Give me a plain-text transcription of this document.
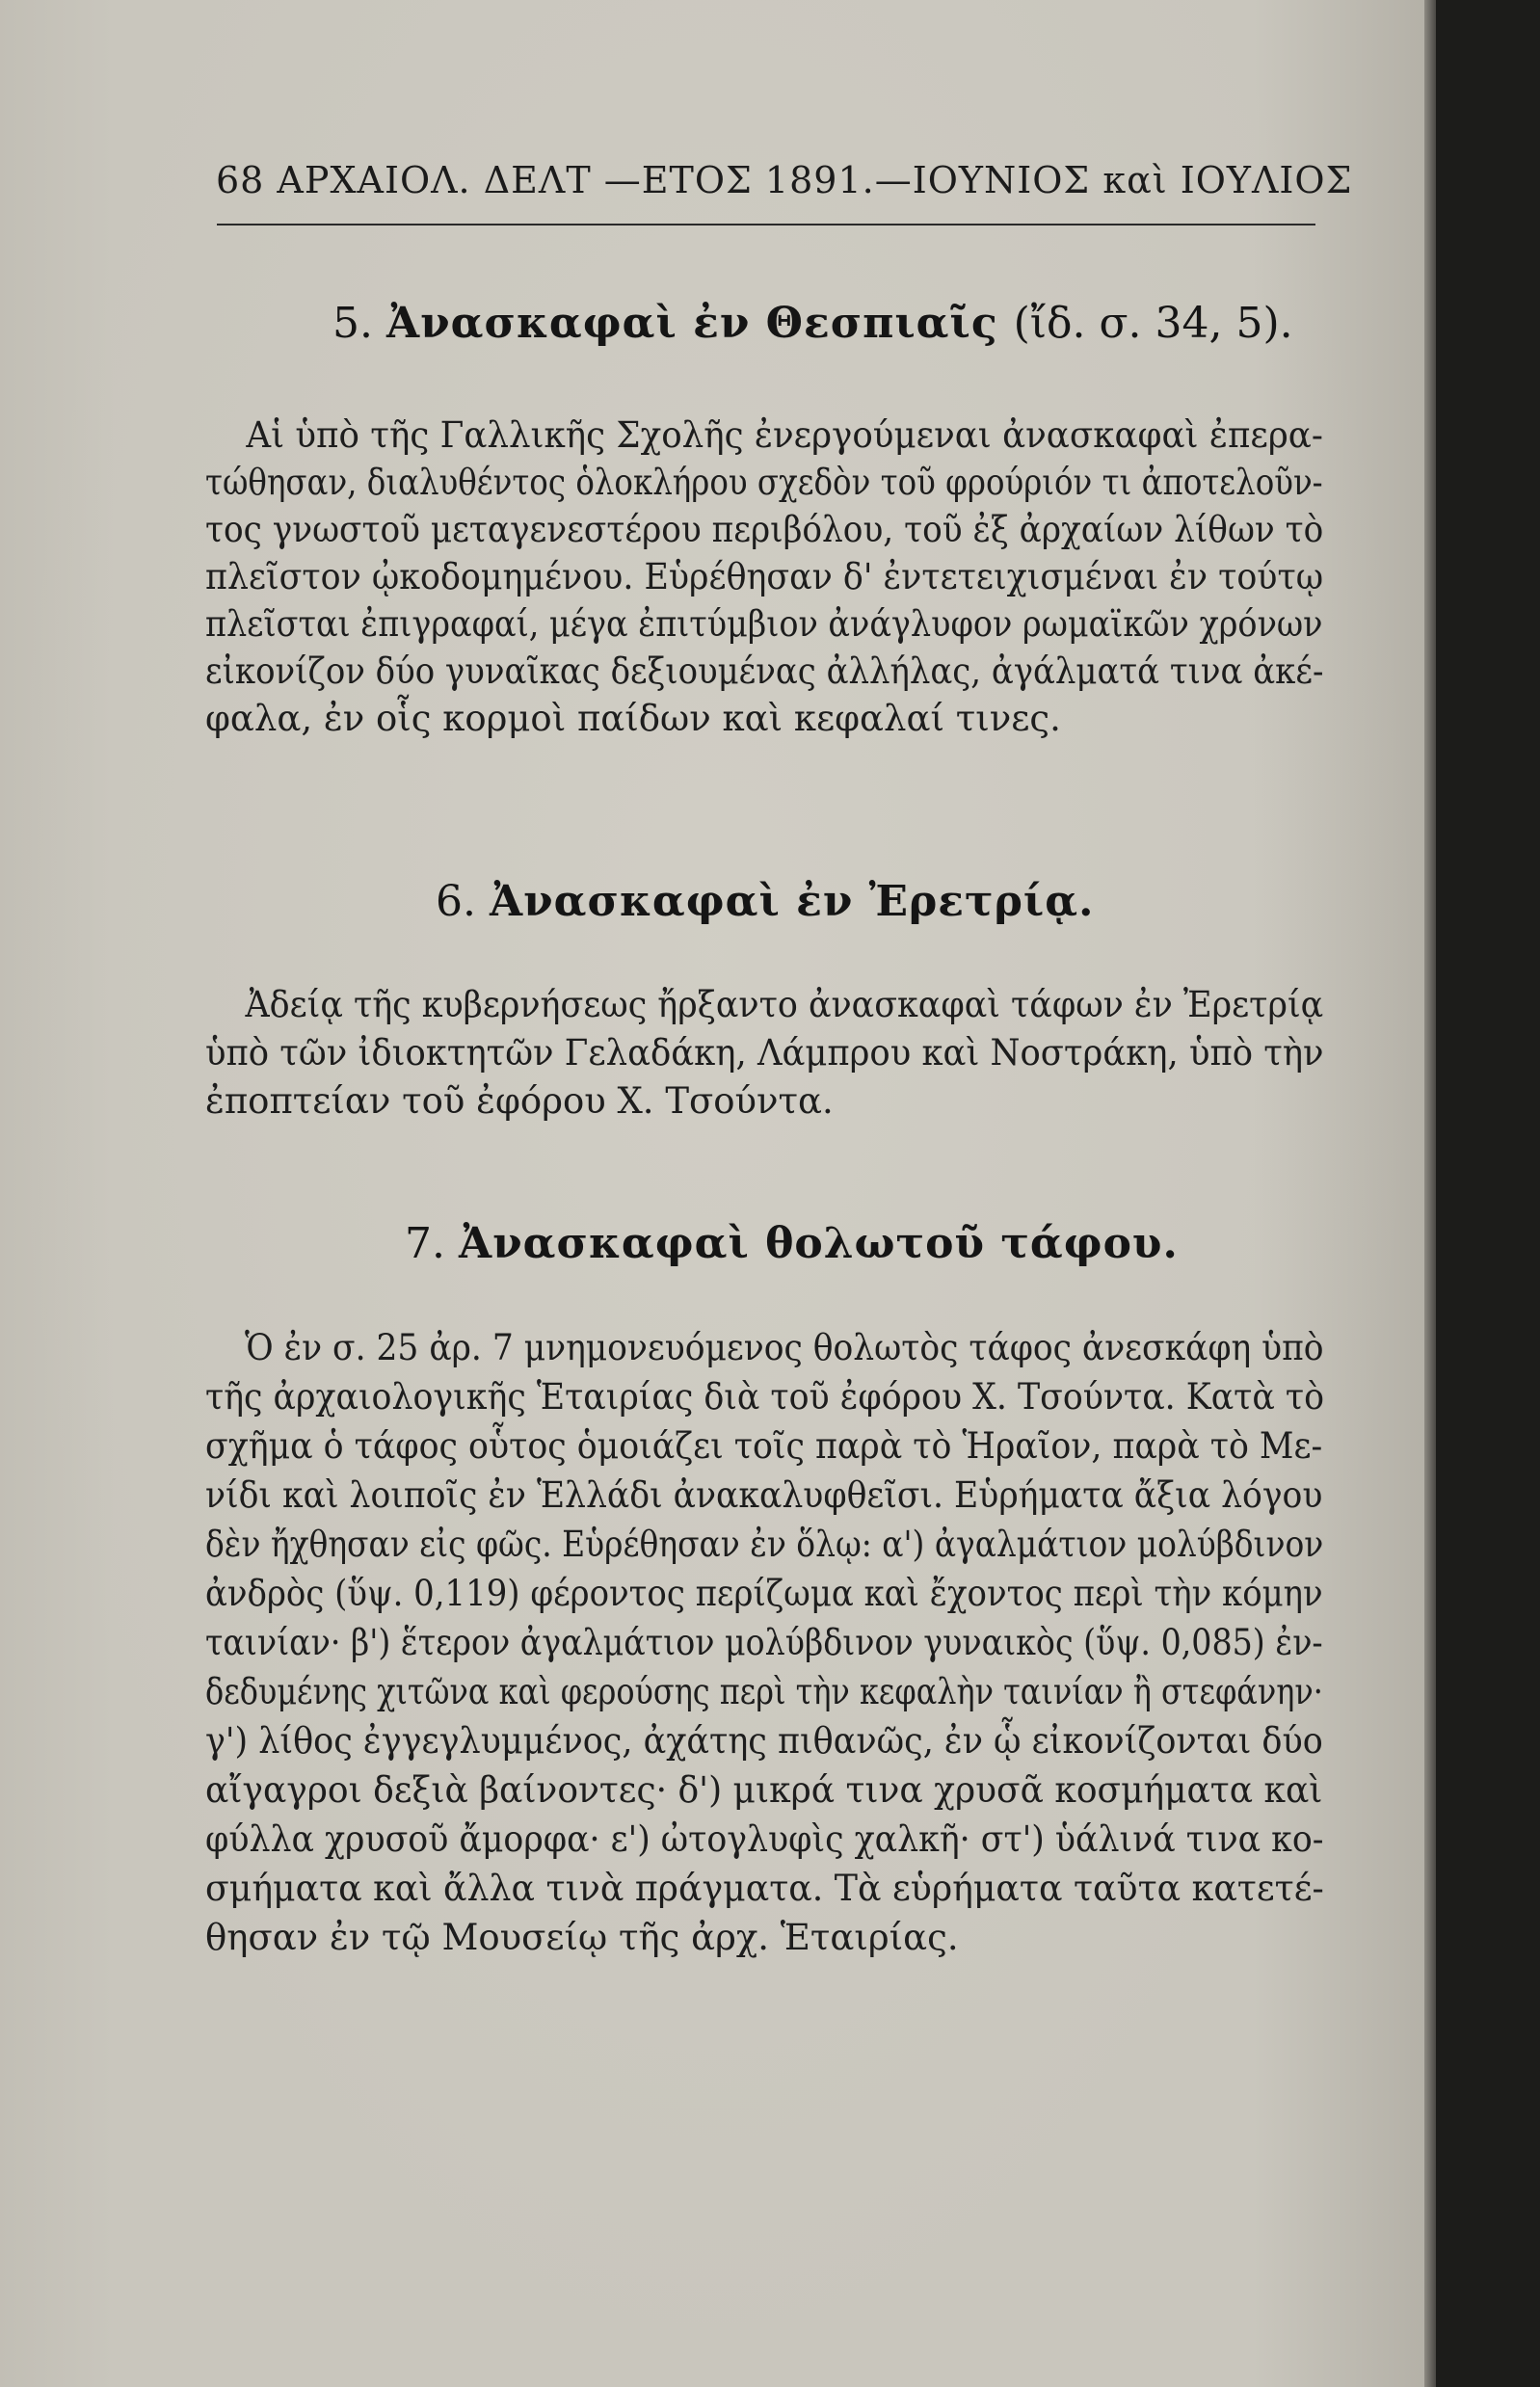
68 ΑΡΧΑΙΟΛ. ΔΕΛΤ —ΕΤΟΣ 1891.—ΙΟΥΝΙΟΣ καὶ ΙΟΥΛΙΟΣ
5. Ἀνασκαφαὶ ἐν Θεσπιαῖς (ἴδ. σ. 34, 5).
Αἱ ὑπὸ τῆς Γαλλικῆς Σχολῆς ἐνεργούμεναι ἀνασκαφαὶ ἐπερα-
τώθησαν, διαλυθέντος ὁλοκλήρου σχεδὸν τοῦ φρούριόν τι ἀποτελοῦν-
τος γνωστοῦ μεταγενεστέρου περιβόλου, τοῦ ἐξ ἀρχαίων λίθων τὸ
πλεῖστον ᾠκοδομημένου. Εὑρέθησαν δ' ἐντετειχισμέναι ἐν τούτῳ
πλεῖσται ἐπιγραφαί, μέγα ἐπιτύμβιον ἀνάγλυφον ρωμαϊκῶν χρόνων
εἰκονίζον δύο γυναῖκας δεξιουμένας ἀλλήλας, ἀγάλματά τινα ἀκέ-
φαλα, ἐν οἷς κορμοὶ παίδων καὶ κεφαλαί τινες.
6. Ἀνασκαφαὶ ἐν Ἐρετρίᾳ.
Ἀδείᾳ τῆς κυβερνήσεως ἤρξαντο ἀνασκαφαὶ τάφων ἐν Ἐρετρίᾳ
ὑπὸ τῶν ἰδιοκτητῶν Γελαδάκη, Λάμπρου καὶ Νοστράκη, ὑπὸ τὴν
ἐποπτείαν τοῦ ἐφόρου Χ. Τσούντα.
7. Ἀνασκαφαὶ θολωτοῦ τάφου.
Ὁ ἐν σ. 25 ἀρ. 7 μνημονευόμενος θολωτὸς τάφος ἀνεσκάφη ὑπὸ
τῆς ἀρχαιολογικῆς Ἑταιρίας διὰ τοῦ ἐφόρου Χ. Τσούντα. Κατὰ τὸ
σχῆμα ὁ τάφος οὗτος ὁμοιάζει τοῖς παρὰ τὸ Ἡραῖον, παρὰ τὸ Με-
νίδι καὶ λοιποῖς ἐν Ἑλλάδι ἀνακαλυφθεῖσι. Εὑρήματα ἄξια λόγου
δὲν ἤχθησαν εἰς φῶς. Εὑρέθησαν ἐν ὅλῳ: α') ἀγαλμάτιον μολύβδινον
ἀνδρὸς (ὕψ. 0,119) φέροντος περίζωμα καὶ ἔχοντος περὶ τὴν κόμην
ταινίαν· β') ἕτερον ἀγαλμάτιον μολύβδινον γυναικὸς (ὕψ. 0,085) ἐν-
δεδυμένης χιτῶνα καὶ φερούσης περὶ τὴν κεφαλὴν ταινίαν ἢ στεφάνην·
γ') λίθος ἐγγεγλυμμένος, ἀχάτης πιθανῶς, ἐν ᾧ εἰκονίζονται δύο
αἴγαγροι δεξιὰ βαίνοντες· δ') μικρά τινα χρυσᾶ κοσμήματα καὶ
φύλλα χρυσοῦ ἄμορφα· ε') ὠτογλυφὶς χαλκῆ· στ') ὑάλινά τινα κο-
σμήματα καὶ ἄλλα τινὰ πράγματα. Τὰ εὑρήματα ταῦτα κατετέ-
θησαν ἐν τῷ Μουσείῳ τῆς ἀρχ. Ἑταιρίας.
